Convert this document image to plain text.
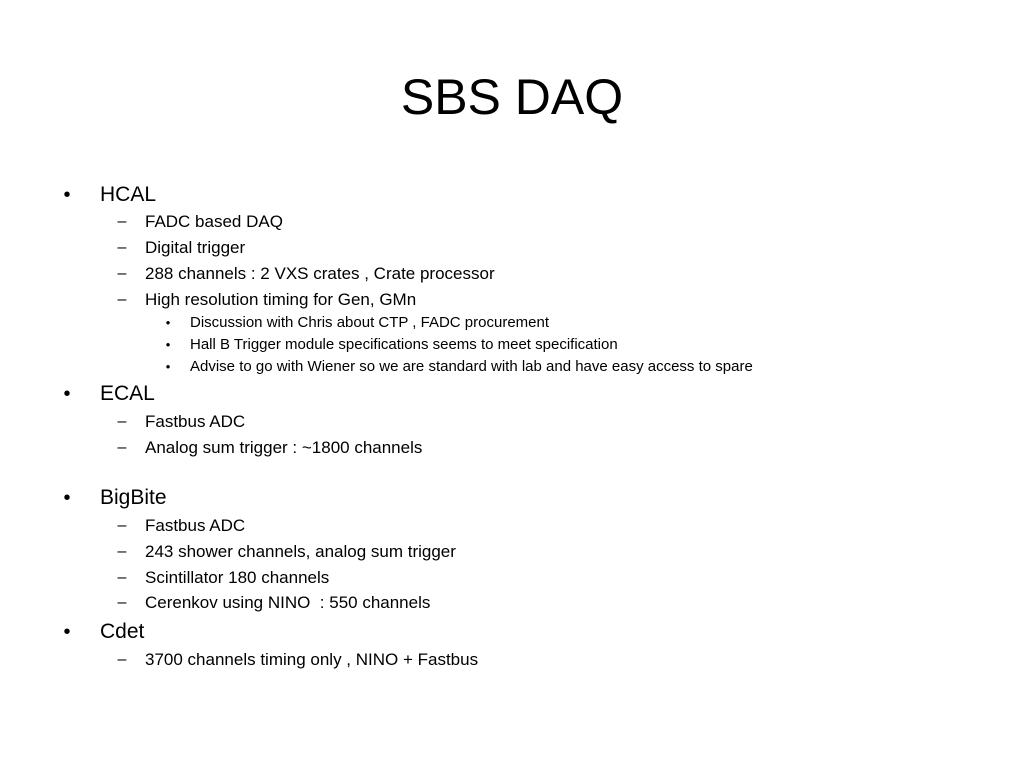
SBS DAQ
• HCAL
– FADC based DAQ
– Digital trigger
– 288 channels : 2 VXS crates , Crate processor
– High resolution timing for Gen, GMn
• Discussion with Chris about CTP , FADC procurement
• Hall B Trigger module specifications seems to meet specification
• Advise to go with Wiener so we are standard with lab and have easy access to spare
• ECAL
– Fastbus ADC
– Analog sum trigger : ~1800 channels
• BigBite
– Fastbus ADC
– 243 shower channels, analog sum trigger
– Scintillator 180 channels
– Cerenkov using NINO  : 550 channels
• Cdet
– 3700 channels timing only , NINO + Fastbus
